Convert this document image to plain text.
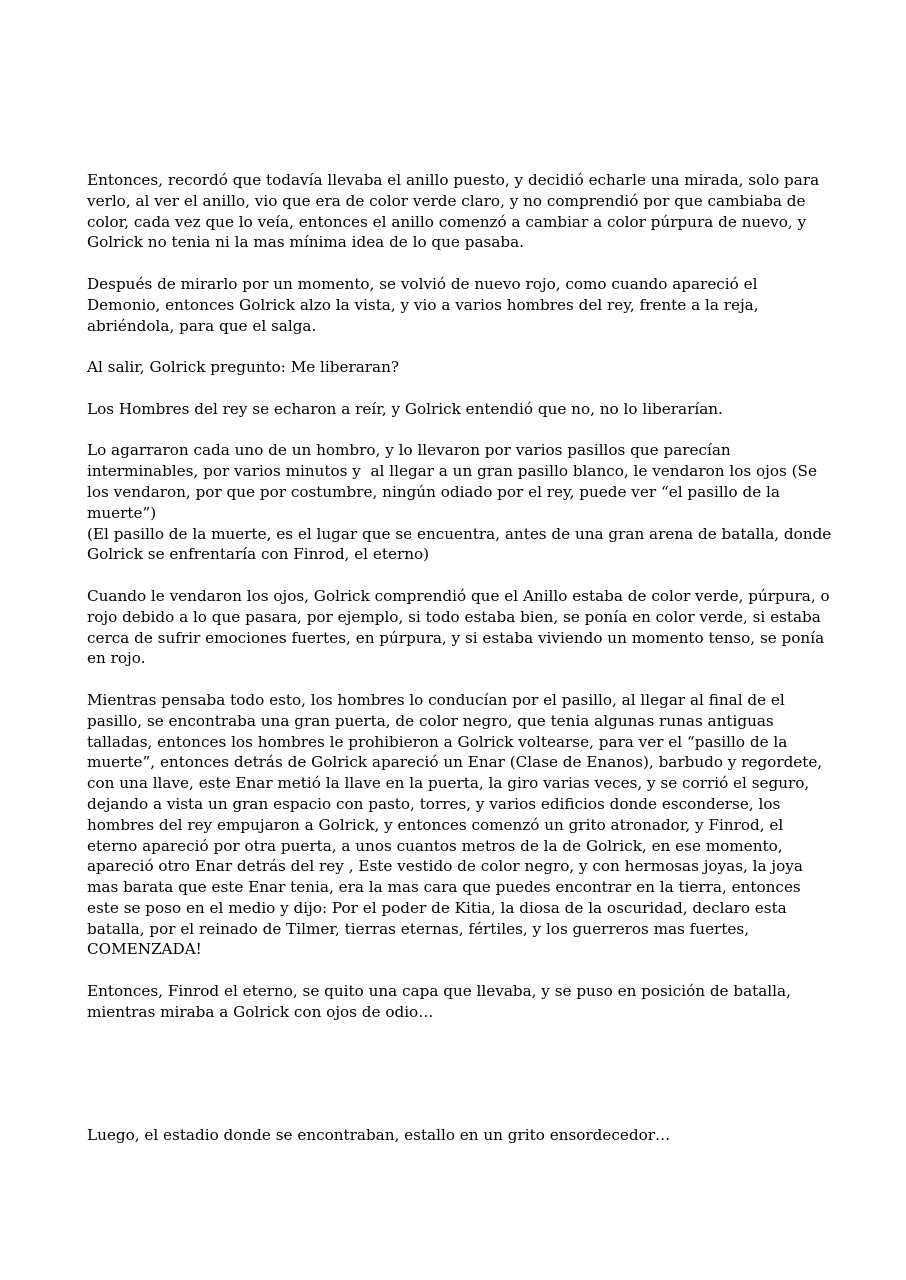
Entonces, recordó que todavía llevaba el anillo puesto, y decidió echarle una mirada, solo para verlo, al ver el anillo, vio que era de color verde claro, y no comprendió por que cambiaba de color, cada vez que lo veía, entonces el anillo comenzó a cambiar a color púrpura de nuevo, y Golrick no tenia ni la mas mínima idea de lo que pasaba.

Después de mirarlo por un momento, se volvió de nuevo rojo, como cuando apareció el Demonio, entonces Golrick alzo la vista, y vio a varios hombres del rey, frente a la reja, abriéndola, para que el salga.

Al salir, Golrick pregunto: Me liberaran?

Los Hombres del rey se echaron a reír, y Golrick entendió que no, no lo liberarían.

Lo agarraron cada uno de un hombro, y lo llevaron por varios pasillos que parecían interminables, por varios minutos y  al llegar a un gran pasillo blanco, le vendaron los ojos (Se los vendaron, por que por costumbre, ningún odiado por el rey, puede ver “el pasillo de la muerte”)
(El pasillo de la muerte, es el lugar que se encuentra, antes de una gran arena de batalla, donde Golrick se enfrentaría con Finrod, el eterno)

Cuando le vendaron los ojos, Golrick comprendió que el Anillo estaba de color verde, púrpura, o rojo debido a lo que pasara, por ejemplo, si todo estaba bien, se ponía en color verde, si estaba cerca de sufrir emociones fuertes, en púrpura, y si estaba viviendo un momento tenso, se ponía en rojo.

Mientras pensaba todo esto, los hombres lo conducían por el pasillo, al llegar al final de el pasillo, se encontraba una gran puerta, de color negro, que tenia algunas runas antiguas talladas, entonces los hombres le prohibieron a Golrick voltearse, para ver el “pasillo de la muerte”, entonces detrás de Golrick apareció un Enar (Clase de Enanos), barbudo y regordete, con una llave, este Enar metió la llave en la puerta, la giro varias veces, y se corrió el seguro, dejando a vista un gran espacio con pasto, torres, y varios edificios donde esconderse, los hombres del rey empujaron a Golrick, y entonces comenzó un grito atronador, y Finrod, el eterno apareció por otra puerta, a unos cuantos metros de la de Golrick, en ese momento, apareció otro Enar detrás del rey , Este vestido de color negro, y con hermosas joyas, la joya mas barata que este Enar tenia, era la mas cara que puedes encontrar en la tierra, entonces este se poso en el medio y dijo: Por el poder de Kitia, la diosa de la oscuridad, declaro esta batalla, por el reinado de Tilmer, tierras eternas, fértiles, y los guerreros mas fuertes, COMENZADA!

Entonces, Finrod el eterno, se quito una capa que llevaba, y se puso en posición de batalla, mientras miraba a Golrick con ojos de odio…

Luego, el estadio donde se encontraban, estallo en un grito ensordecedor…
